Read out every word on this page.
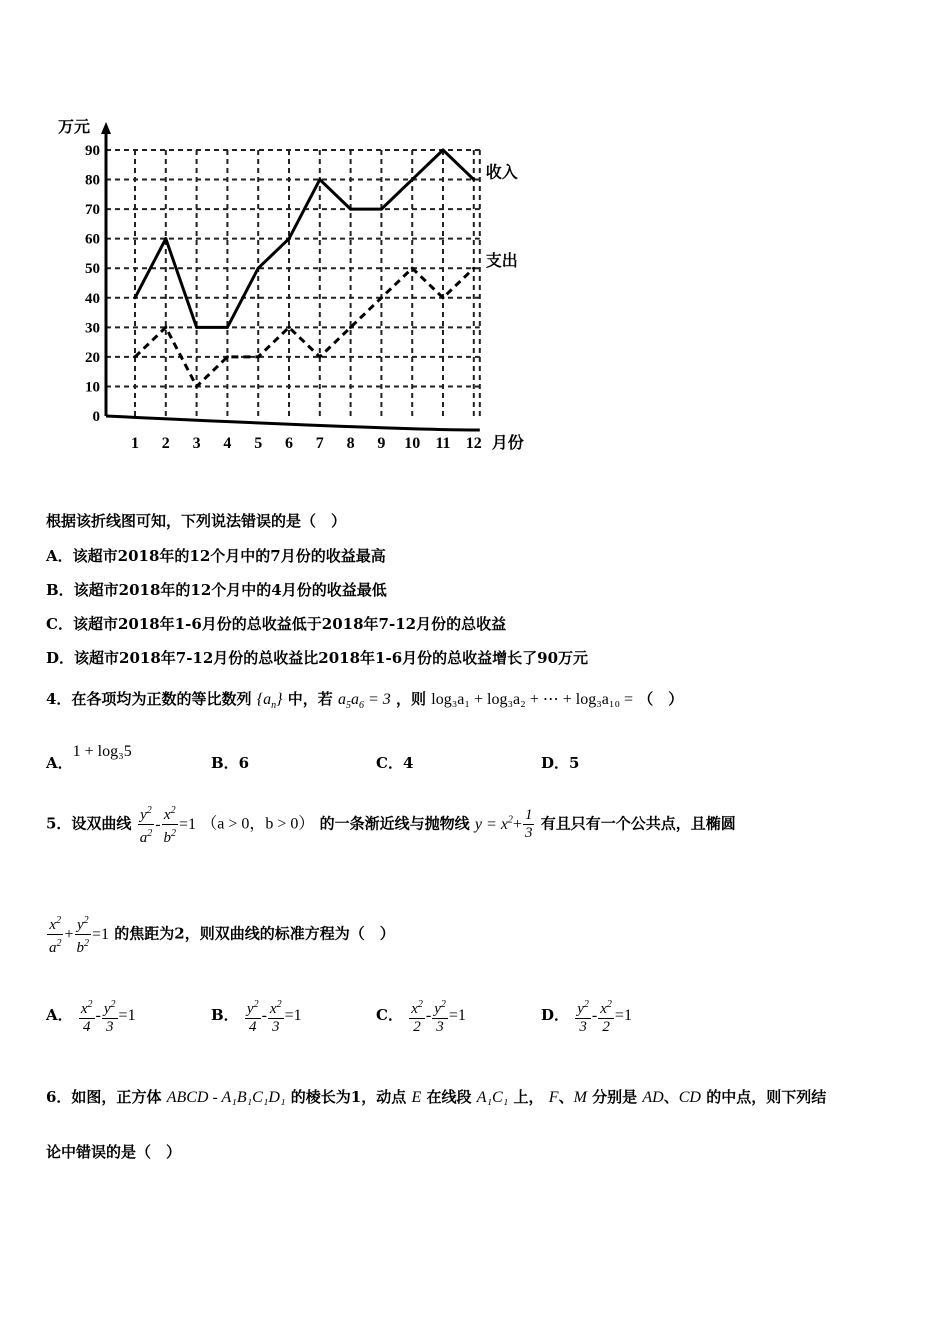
0
10
20
30
40
50
60
70
80
90
1 2 3 4 5 6 7 8 9 10 11 12
万元
月份
收入
支出
根据该折线图可知，下列说法错误的是（　）
A．该超市2018年的12个月中的7月份的收益最高
B．该超市2018年的12个月中的4月份的收益最低
C．该超市2018年1-6月份的总收益低于2018年7-12月份的总收益
D．该超市2018年7-12月份的总收益比2018年1-6月份的总收益增长了90万元
4．在各项均为正数的等比数列 $\{a_n\}$ 中，若 $a_5a_6 = 3$ ，则 log₃a₁ + log₃a₂ + ⋯ + log₃a₁₀ = （　）
A．1 + log₃5
B．6	C．4	D．5
5．设双曲线 $\frac{y^2}{a^2} - \frac{x^2}{b^2} =1$ （a > 0，b > 0） 的一条渐近线与抛物线 $y = x^2+ \frac{1}{3}$ 有且只有一个公共点，且椭圆
$\frac{x^2}{a^2} + \frac{y^2}{b^2} =1$ 的焦距为2，则双曲线的标准方程为（　）
A． $\frac{x^2}{4} - \frac{y^2}{3} =1$	B． $\frac{y^2}{4} - \frac{x^2}{3} =1$	C． $\frac{x^2}{2} - \frac{y^2}{3} =1$	D． $\frac{y^2}{3} - \frac{x^2}{2} =1$
6．如图，正方体 ABCD - A₁B₁C₁D₁ 的棱长为1，动点 E 在线段 A₁C₁ 上， F、M 分别是 AD、CD 的中点，则下列结
论中错误的是（　）
